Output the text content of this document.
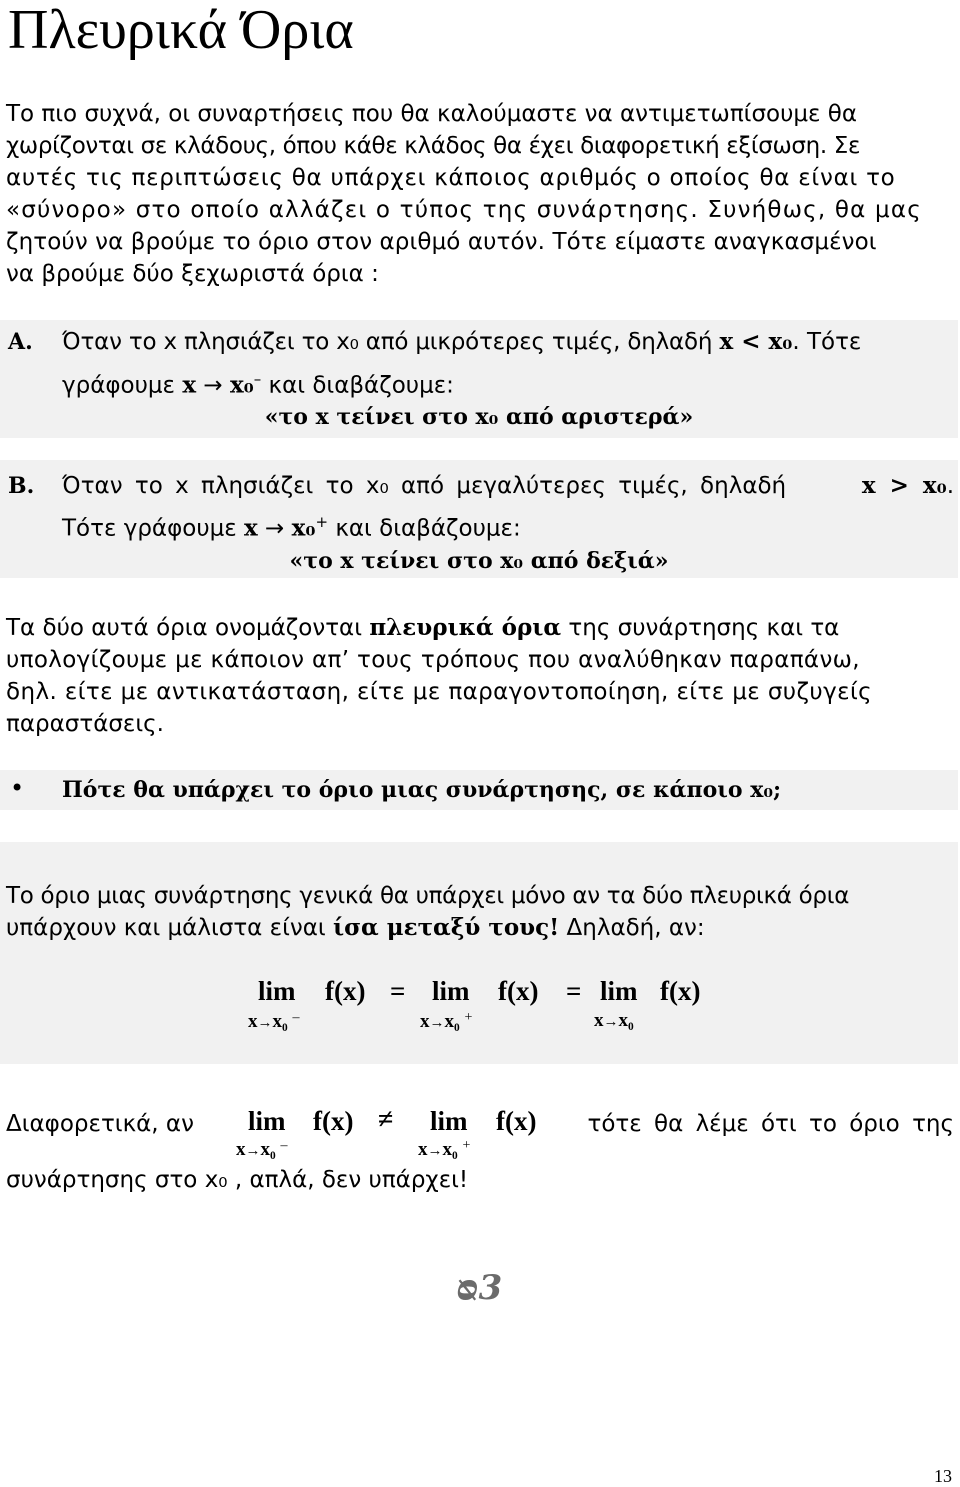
Πλευρικά Όρια
Το πιο συχνά, οι συναρτήσεις που θα καλούμαστε να αντιμετωπίσουμε θα
χωρίζονται σε κλάδους, όπου κάθε κλάδος θα έχει διαφορετική εξίσωση. Σε
αυτές τις περιπτώσεις θα υπάρχει κάποιος αριθμός ο οποίος θα είναι το
«σύνορο» στο οποίο αλλάζει ο τύπος της συνάρτησης. Συνήθως, θα μας
ζητούν να βρούμε το όριο στον αριθμό αυτόν. Τότε είμαστε αναγκασμένοι
να βρούμε δύο ξεχωριστά όρια :
Α. Όταν το x πλησιάζει το x₀ από μικρότερες τιμές, δηλαδή x < x₀. Τότε
γράφουμε x → x₀– και διαβάζουμε:
«το x τείνει στο x₀ από αριστερά»
Β. Όταν το x πλησιάζει το x₀ από μεγαλύτερες τιμές, δηλαδή	x > x₀.
Τότε γράφουμε x → x₀+ και διαβάζουμε:
«το x τείνει στο x₀ από δεξιά»
Τα δύο αυτά όρια ονομάζονται πλευρικά όρια της συνάρτησης και τα
υπολογίζουμε με κάποιον απ’ τους τρόπους που αναλύθηκαν παραπάνω,
δηλ. είτε με αντικατάσταση, είτε με παραγοντοποίηση, είτε με συζυγείς
παραστάσεις.
• Πότε θα υπάρχει το όριο μιας συνάρτησης, σε κάποιο x₀;
Το όριο μιας συνάρτησης γενικά θα υπάρχει μόνο αν τα δύο πλευρικά όρια
υπάρχουν και μάλιστα είναι ίσα μεταξύ τους! Δηλαδή, αν:
lim f(x)
x→x₀ –
= lim f(x)
x→x₀ +
= lim f(x)
x→x₀
Διαφορετικά, αν lim f(x)
x→x₀ –
≠ lim f(x)
x→x₀ +
τότε θα λέμε ότι το όριο της
συνάρτησης στο x₀ , απλά, δεν υπάρχει!
ᴓ3
13
